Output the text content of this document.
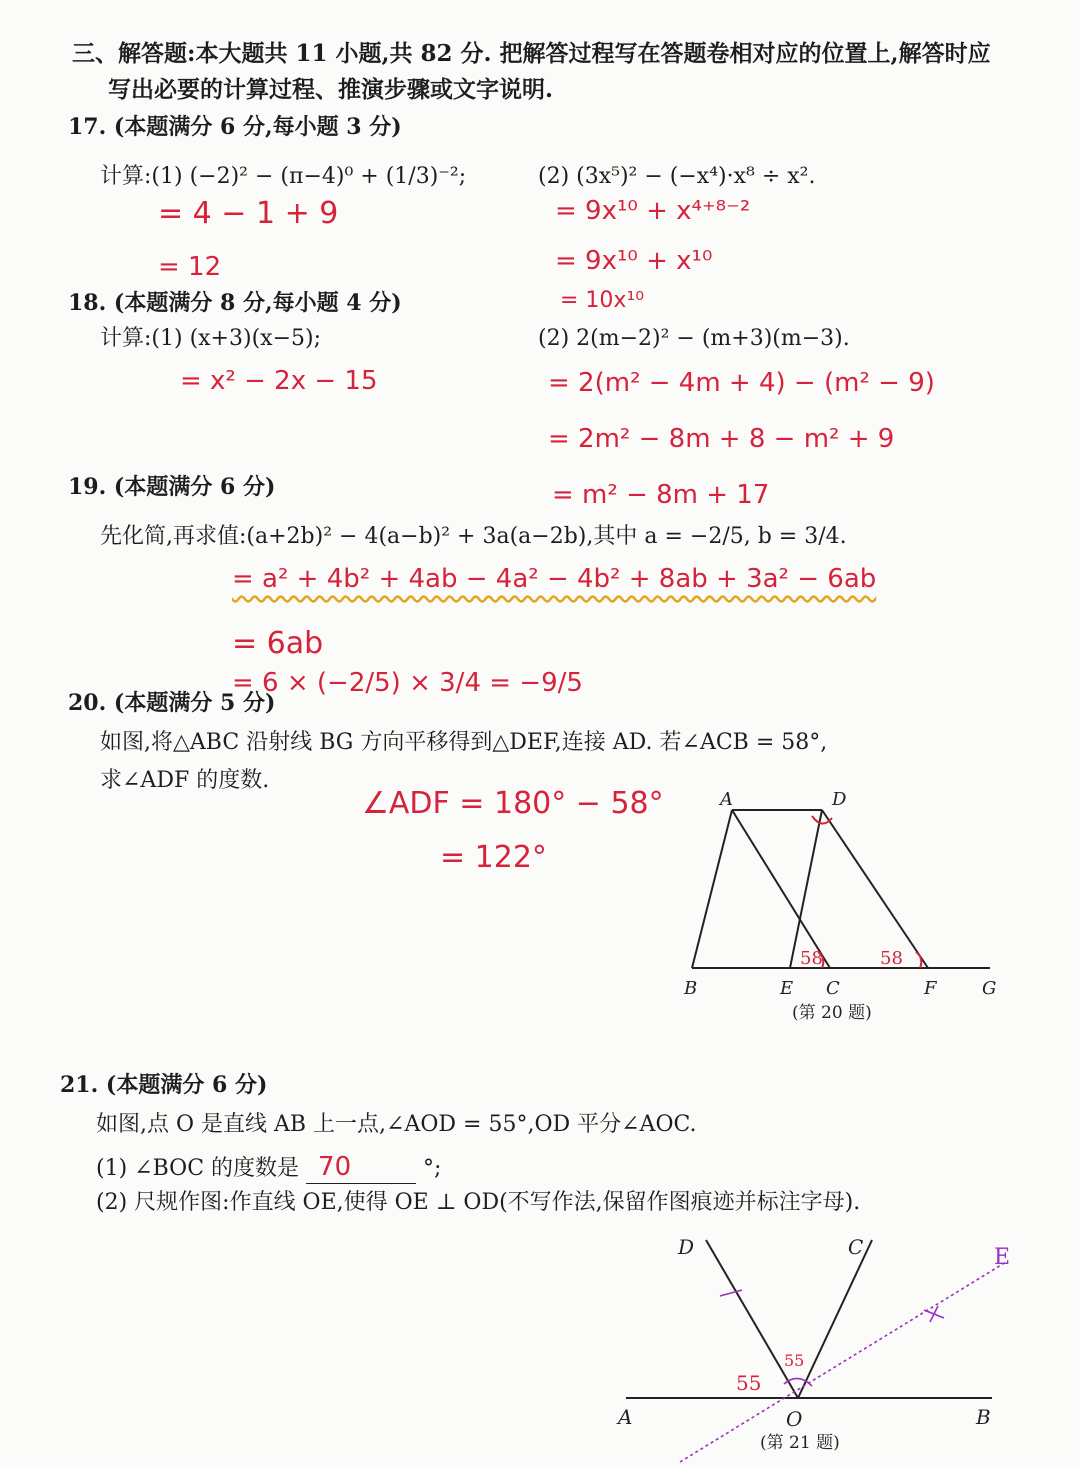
三、解答题:本大题共 11 小题,共 82 分. 把解答过程写在答题卷相对应的位置上,解答时应
写出必要的计算过程、推演步骤或文字说明.
17. (本题满分 6 分,每小题 3 分)
计算:(1) (−2)² − (π−4)⁰ + (1/3)⁻²;	(2) (3x⁵)² − (−x⁴)·x⁸ ÷ x².
= 4 − 1 + 9
= 12
= 9x¹⁰ + x⁴⁺⁸⁻²
= 9x¹⁰ + x¹⁰
= 10x¹⁰
18. (本题满分 8 分,每小题 4 分)
计算:(1) (x+3)(x−5);	(2) 2(m−2)² − (m+3)(m−3).
= x² − 2x − 15	= 2(m² − 4m + 4) − (m² − 9)
= 2m² − 8m + 8 − m² + 9
= m² − 8m + 17
19. (本题满分 6 分)
先化简,再求值:(a+2b)² − 4(a−b)² + 3a(a−2b),其中 a = −2/5, b = 3/4.
= a² + 4b² + 4ab − 4a² − 4b² + 8ab + 3a² − 6ab
= 6ab
= 6 × (−2/5) × 3/4 = −9/5
20. (本题满分 5 分)
如图,将△ABC 沿射线 BG 方向平移得到△DEF,连接 AD. 若∠ACB = 58°,
求∠ADF 的度数.
∠ADF = 180° − 58°
= 122°
A	D
B	E C	F	G
58	58
(第 20 题)
21. (本题满分 6 分)
如图,点 O 是直线 AB 上一点,∠AOD = 55°,OD 平分∠AOC.
(1) ∠BOC 的度数是 70	°;
(2) 尺规作图:作直线 OE,使得 OE ⊥ OD(不写作法,保留作图痕迹并标注字母).
D	C
A	O	B
E
55
55
(第 21 题)
